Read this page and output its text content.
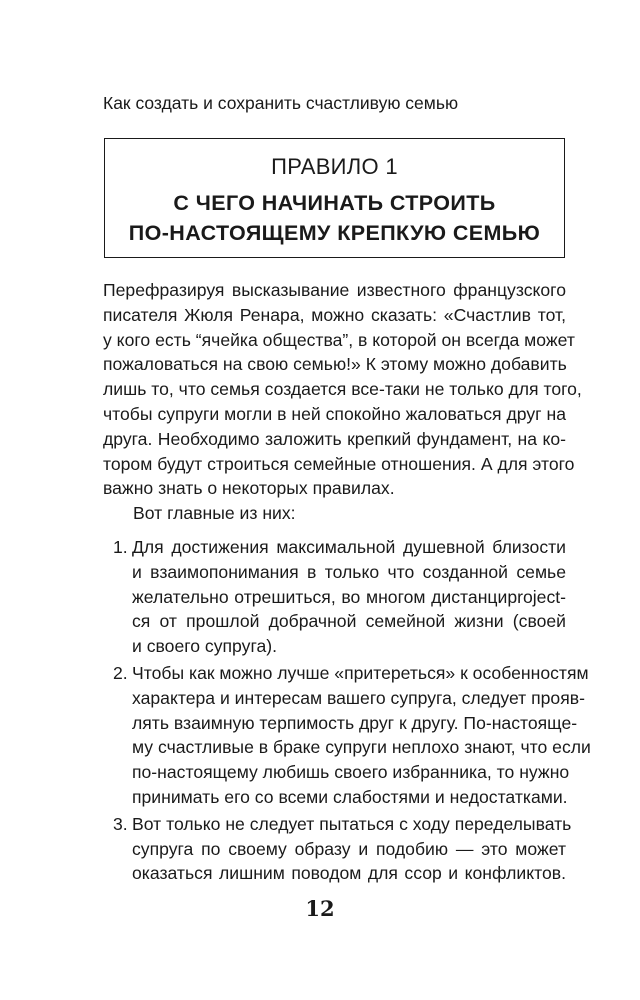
Как создать и сохранить счастливую семью
ПРАВИЛО 1
С ЧЕГО НАЧИНАТЬ СТРОИТЬ
ПО-НАСТОЯЩЕМУ КРЕПКУЮ СЕМЬЮ
Перефразируя высказывание известного французского
писателя Жюля Ренара, можно сказать: «Счастлив тот,
у кого есть “ячейка общества”, в которой он всегда может
пожаловаться на свою семью!» К этому можно добавить
лишь то, что семья создается все-таки не только для того,
чтобы супруги могли в ней спокойно жаловаться друг на
друга. Необходимо заложить крепкий фундамент, на ко-
тором будут строиться семейные отношения. А для этого
важно знать о некоторых правилах.
Вот главные из них:
1. Для достижения максимальной душевной близости
и взаимопонимания в только что созданной семье
желательно отрешиться, во многом дистанциproject-
ся от прошлой добрачной семейной жизни (своей
и своего супруга).
2. Чтобы как можно лучше «притереться» к особенностям
характера и интересам вашего супруга, следует прояв-
лять взаимную терпимость друг к другу. По-настояще-
му счастливые в браке супруги неплохо знают, что если
по-настоящему любишь своего избранника, то нужно
принимать его со всеми слабостями и недостатками.
3. Вот только не следует пытаться с ходу переделывать
супруга по своему образу и подобию — это может
оказаться лишним поводом для ссор и конфликтов.
12
